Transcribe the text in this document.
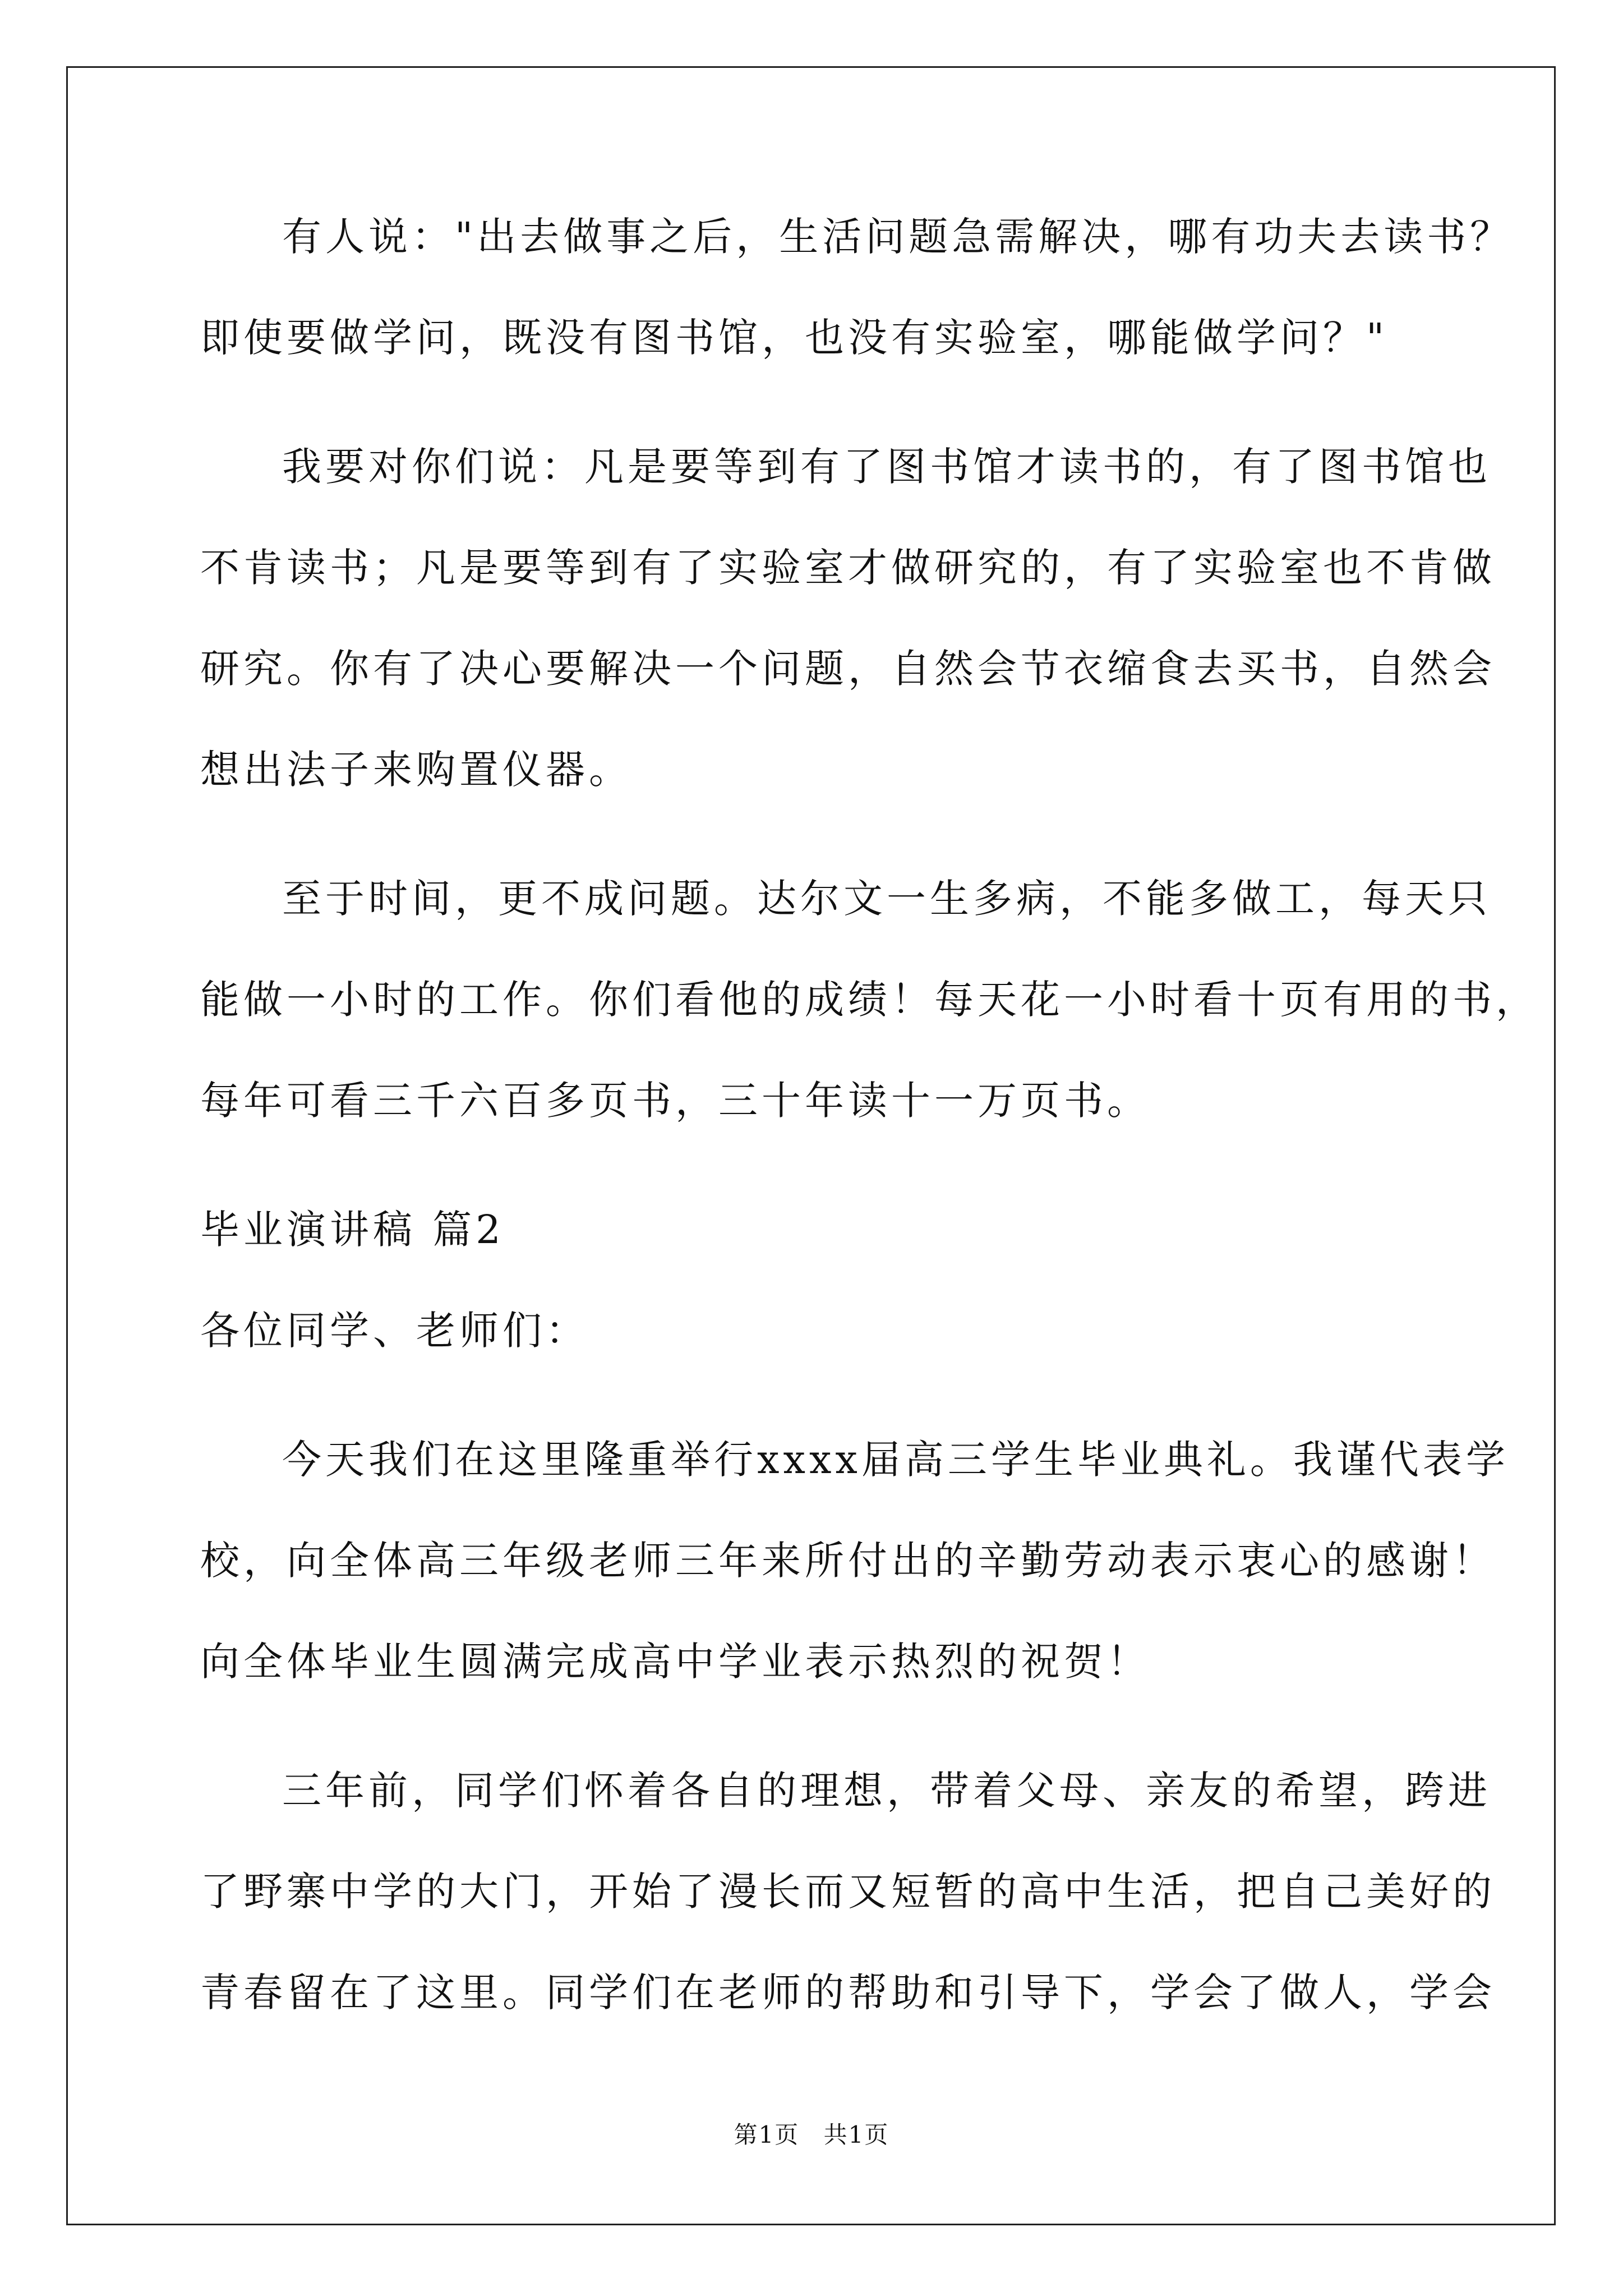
有人说："出去做事之后，生活问题急需解决，哪有功夫去读书？
即使要做学问，既没有图书馆，也没有实验室，哪能做学问？"
我要对你们说：凡是要等到有了图书馆才读书的，有了图书馆也
不肯读书；凡是要等到有了实验室才做研究的，有了实验室也不肯做
研究。你有了决心要解决一个问题，自然会节衣缩食去买书，自然会
想出法子来购置仪器。
至于时间，更不成问题。达尔文一生多病，不能多做工，每天只
能做一小时的工作。你们看他的成绩！每天花一小时看十页有用的书，
每年可看三千六百多页书，三十年读十一万页书。
毕业演讲稿 篇2
各位同学、老师们：
今天我们在这里隆重举行xxxx届高三学生毕业典礼。我谨代表学
校，向全体高三年级老师三年来所付出的辛勤劳动表示衷心的感谢！
向全体毕业生圆满完成高中学业表示热烈的祝贺！
三年前，同学们怀着各自的理想，带着父母、亲友的希望，跨进
了野寨中学的大门，开始了漫长而又短暂的高中生活，把自己美好的
青春留在了这里。同学们在老师的帮助和引导下，学会了做人，学会
第1页 共1页
